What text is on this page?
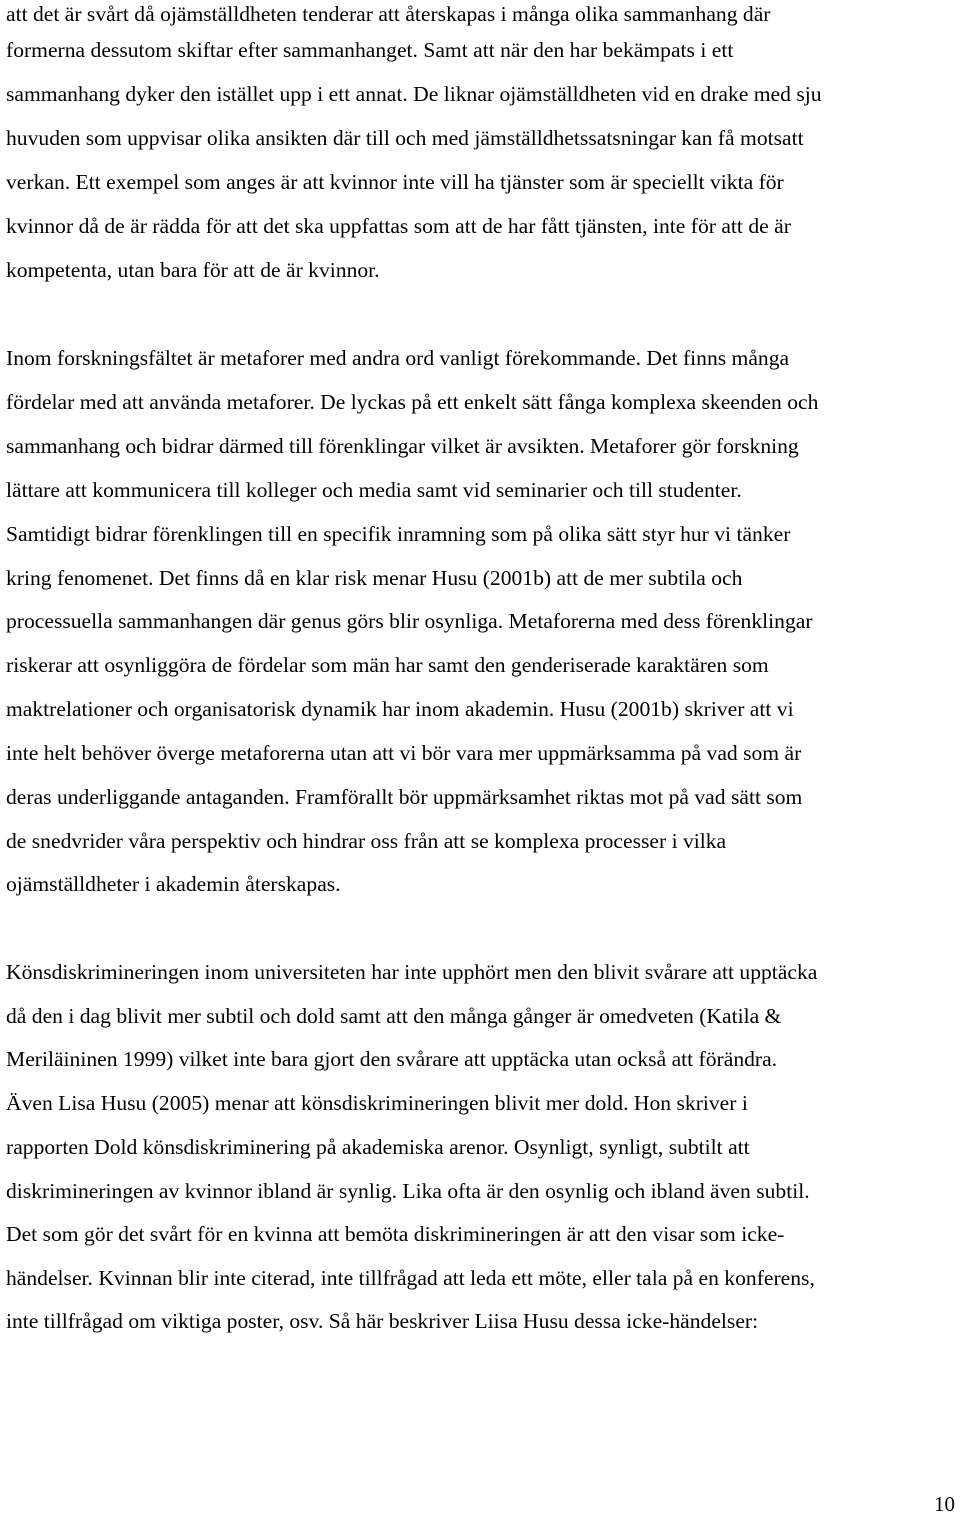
att det är svårt då ojämställdheten tenderar att återskapas i många olika sammanhang där

formerna dessutom skiftar efter sammanhanget. Samt att när den har bekämpats i ett

sammanhang dyker den istället upp i ett annat. De liknar ojämställdheten vid en drake med sju

huvuden som uppvisar olika ansikten där till och med jämställdhetssatsningar kan få motsatt

verkan. Ett exempel som anges är att kvinnor inte vill ha tjänster som är speciellt vikta för

kvinnor då de är rädda för att det ska uppfattas som att de har fått tjänsten, inte för att de är

kompetenta, utan bara för att de är kvinnor.

Inom forskningsfältet är metaforer med andra ord vanligt förekommande. Det finns många

fördelar med att använda metaforer. De lyckas på ett enkelt sätt fånga komplexa skeenden och

sammanhang och bidrar därmed till förenklingar vilket är avsikten. Metaforer gör forskning

lättare att kommunicera till kolleger och media samt vid seminarier och till studenter.

Samtidigt bidrar förenklingen till en specifik inramning som på olika sätt styr hur vi tänker

kring fenomenet. Det finns då en klar risk menar Husu (2001b) att de mer subtila och

processuella sammanhangen där genus görs blir osynliga. Metaforerna med dess förenklingar

riskerar att osynliggöra de fördelar som män har samt den genderiserade karaktären som

maktrelationer och organisatorisk dynamik har inom akademin. Husu (2001b) skriver att vi

inte helt behöver överge metaforerna utan att vi bör vara mer uppmärksamma på vad som är

deras underliggande antaganden. Framförallt bör uppmärksamhet riktas mot på vad sätt som

de snedvrider våra perspektiv och hindrar oss från att se komplexa processer i vilka

ojämställdheter i akademin återskapas.

Könsdiskrimineringen inom universiteten har inte upphört men den blivit svårare att upptäcka

då den i dag blivit mer subtil och dold samt att den många gånger är omedveten (Katila &

Meriläininen 1999) vilket inte bara gjort den svårare att upptäcka utan också att förändra.

Även Lisa Husu (2005) menar att könsdiskrimineringen blivit mer dold. Hon skriver i

rapporten Dold könsdiskriminering på akademiska arenor. Osynligt, synligt, subtilt att

diskrimineringen av kvinnor ibland är synlig. Lika ofta är den osynlig och ibland även subtil.

Det som gör det svårt för en kvinna att bemöta diskrimineringen är att den visar som icke-

händelser. Kvinnan blir inte citerad, inte tillfrågad att leda ett möte, eller tala på en konferens,

inte tillfrågad om viktiga poster, osv. Så här beskriver Liisa Husu dessa icke-händelser:

10
